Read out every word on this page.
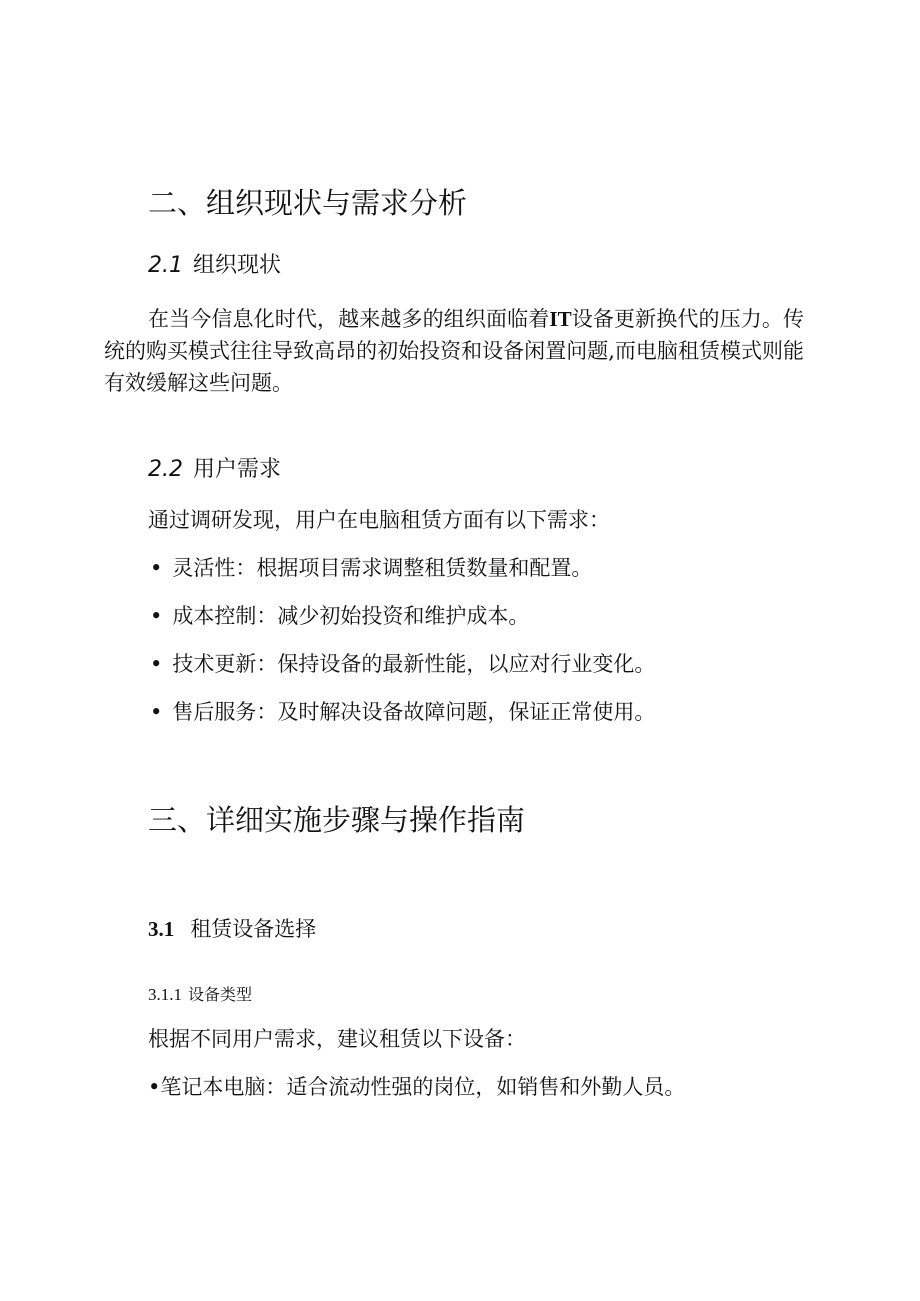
二、组织现状与需求分析
2.1 组织现状

在当今信息化时代，越来越多的组织面临着IT设备更新换代的压力。传统的购买模式往往导致高昂的初始投资和设备闲置问题,而电脑租赁模式则能有效缓解这些问题。

2.2 用户需求
通过调研发现，用户在电脑租赁方面有以下需求：
• 灵活性：根据项目需求调整租赁数量和配置。
• 成本控制：减少初始投资和维护成本。
• 技术更新：保持设备的最新性能，以应对行业变化。
• 售后服务：及时解决设备故障问题，保证正常使用。
三、详细实施步骤与操作指南
3.1 租赁设备选择
3.1.1 设备类型
根据不同用户需求，建议租赁以下设备：
•笔记本电脑：适合流动性强的岗位，如销售和外勤人员。
